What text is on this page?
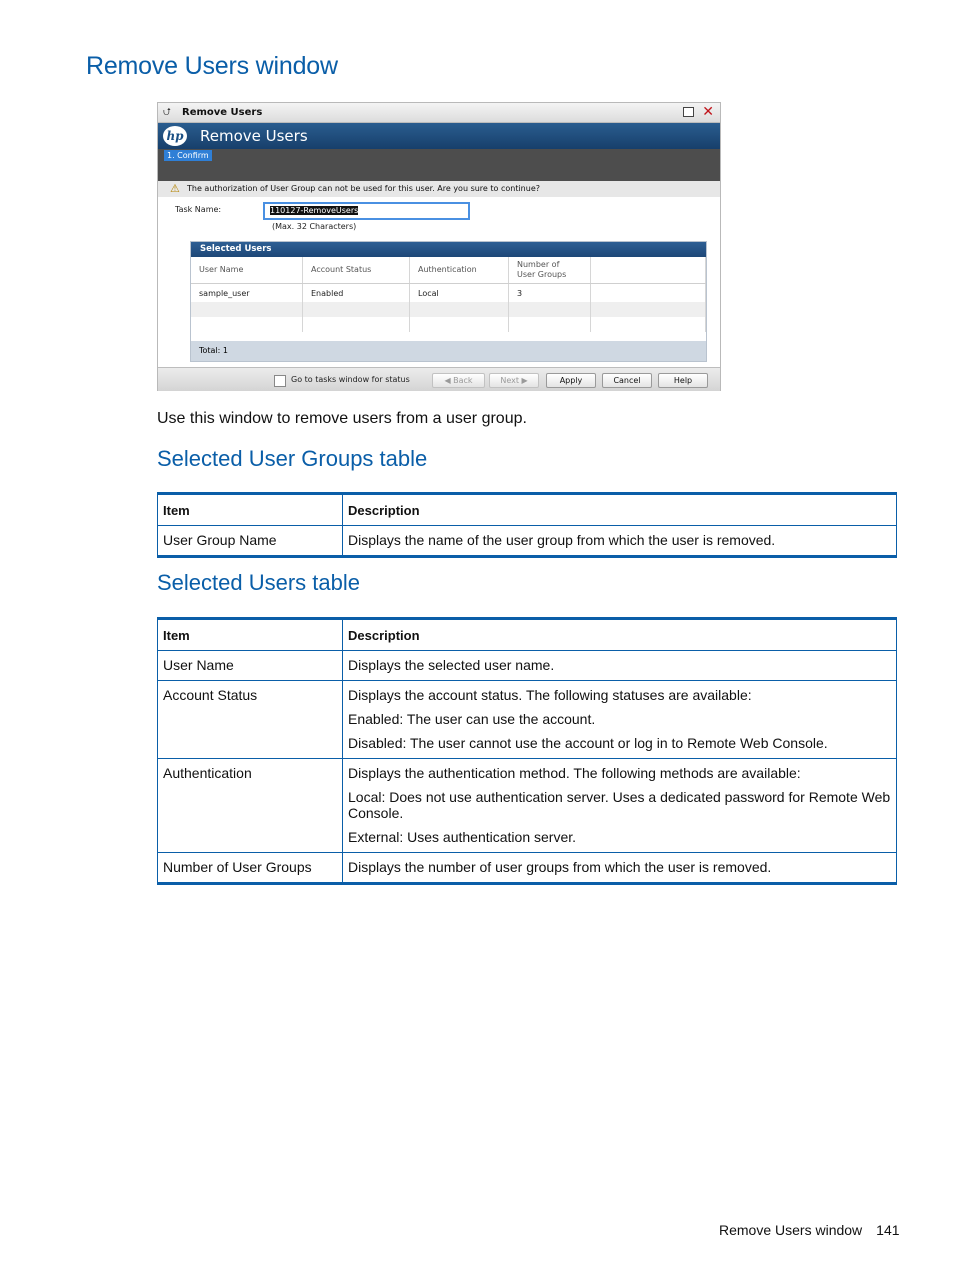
Remove Users window
⮍ Remove Users	✕
hp Remove Users
1. Confirm
⚠ The authorization of User Group can not be used for this user. Are you sure to continue?
Task Name:	110127-RemoveUsers
(Max. 32 Characters)
Selected Users
User Name	Account Status	Authentication	Number of User Groups	
sample_user	Enabled	Local	3	

Total: 1
Go to tasks window for status	◀ Back	Next ▶	Apply	Cancel	Help
Use this window to remove users from a user group.
Selected User Groups table
Item	Description
User Group Name	Displays the name of the user group from which the user is removed.
Selected Users table
Item	Description
User Name	Displays the selected user name.
Account Status	Displays the account status. The following statuses are available:
Enabled: The user can use the account.
Disabled: The user cannot use the account or log in to Remote Web Console.

Authentication	Displays the authentication method. The following methods are available:
Local: Does not use authentication server. Uses a dedicated password for Remote Web Console.
External: Uses authentication server.

Number of User Groups	Displays the number of user groups from which the user is removed.
Remove Users window 141
